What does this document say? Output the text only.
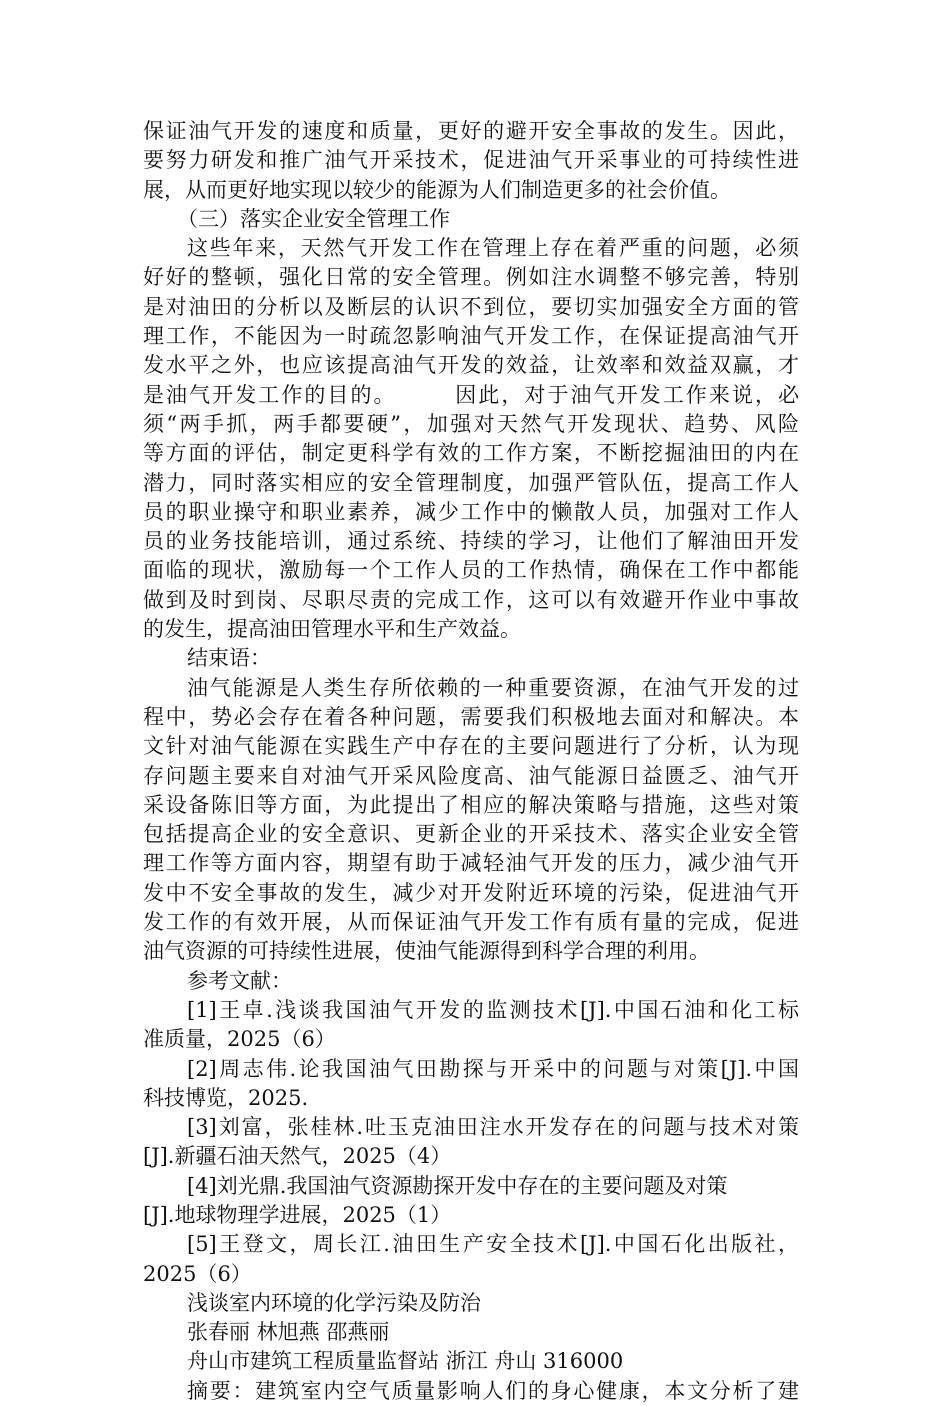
保证油气开发的速度和质量，更好的避开安全事故的发生。因此，
要努力研发和推广油气开采技术，促进油气开采事业的可持续性进
展，从而更好地实现以较少的能源为人们制造更多的社会价值。
（三）落实企业安全管理工作
这些年来，天然气开发工作在管理上存在着严重的问题，必须
好好的整顿，强化日常的安全管理。例如注水调整不够完善，特别
是对油田的分析以及断层的认识不到位，要切实加强安全方面的管
理工作，不能因为一时疏忽影响油气开发工作，在保证提高油气开
发水平之外，也应该提高油气开发的效益，让效率和效益双赢，才
是油气开发工作的目的。　　　因此，对于油气开发工作来说，必
须“两手抓，两手都要硬”，加强对天然气开发现状、趋势、风险
等方面的评估，制定更科学有效的工作方案，不断挖掘油田的内在
潜力，同时落实相应的安全管理制度，加强严管队伍，提高工作人
员的职业操守和职业素养，减少工作中的懒散人员，加强对工作人
员的业务技能培训，通过系统、持续的学习，让他们了解油田开发
面临的现状，激励每一个工作人员的工作热情，确保在工作中都能
做到及时到岗、尽职尽责的完成工作，这可以有效避开作业中事故
的发生，提高油田管理水平和生产效益。
结束语：
油气能源是人类生存所依赖的一种重要资源，在油气开发的过
程中，势必会存在着各种问题，需要我们积极地去面对和解决。本
文针对油气能源在实践生产中存在的主要问题进行了分析，认为现
存问题主要来自对油气开采风险度高、油气能源日益匮乏、油气开
采设备陈旧等方面，为此提出了相应的解决策略与措施，这些对策
包括提高企业的安全意识、更新企业的开采技术、落实企业安全管
理工作等方面内容，期望有助于减轻油气开发的压力，减少油气开
发中不安全事故的发生，减少对开发附近环境的污染，促进油气开
发工作的有效开展，从而保证油气开发工作有质有量的完成，促进
油气资源的可持续性进展，使油气能源得到科学合理的利用。
参考文献：
[1]王卓.浅谈我国油气开发的监测技术[J].中国石油和化工标
准质量，2025（6）
[2]周志伟.论我国油气田勘探与开采中的问题与对策[J].中国
科技博览，2025.
[3]刘富，张桂林.吐玉克油田注水开发存在的问题与技术对策
[J].新疆石油天然气，2025（4）
[4]刘光鼎.我国油气资源勘探开发中存在的主要问题及对策
[J].地球物理学进展，2025（1）
[5]王登文，周长江.油田生产安全技术[J].中国石化出版社，
2025（6）
浅谈室内环境的化学污染及防治
张春丽 林旭燕 邵燕丽
舟山市建筑工程质量监督站 浙江 舟山 316000
摘要：建筑室内空气质量影响人们的身心健康，本文分析了建
